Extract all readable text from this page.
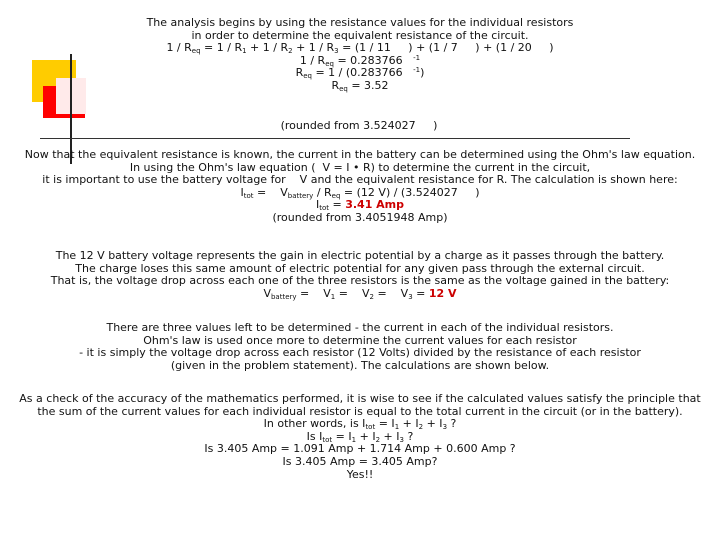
The analysis begins by using the resistance values for the individual resistors
in order to determine the equivalent resistance of the circuit.
$1 / R_{eq} = 1 / R_1 + 1 / R_2 + 1 / R_3 = (1 / 11$     ) + (1 / 7     ) + (1 / 20     )
$1 / R_{eq} = 0.283766$   $^{-1}$
$R_{eq} = 1 / (0.283766$   $^{-1}$)
$R_{eq} = 3.52$
(rounded from 3.524027     )
Now that the equivalent resistance is known, the current in the battery can be determined using the Ohm's law equation.
In using the Ohm's law equation (  V = I • R) to determine the current in the circuit,
it is important to use the battery voltage for    V and the equivalent resistance for R. The calculation is shown here:
$I_{tot}$ =    $V_{battery} / R_{eq} = (12$ V) / (3.524027     )
$I_{tot} = 3.41$ Amp
(rounded from 3.4051948 Amp)
The 12 V battery voltage represents the gain in electric potential by a charge as it passes through the battery.
The charge loses this same amount of electric potential for any given pass through the external circuit.
That is, the voltage drop across each one of the three resistors is the same as the voltage gained in the battery:
$V_{battery}$ =    $V_1$ =    $V_2$ =    $V_3 = 12$ V
There are three values left to be determined - the current in each of the individual resistors.
Ohm's law is used once more to determine the current values for each resistor
- it is simply the voltage drop across each resistor (12 Volts) divided by the resistance of each resistor
(given in the problem statement). The calculations are shown below.
As a check of the accuracy of the mathematics performed, it is wise to see if the calculated values satisfy the principle that
the sum of the current values for each individual resistor is equal to the total current in the circuit (or in the battery).
In other words, is $I_{tot} = I_1 + I_2 + I_3$ ?
Is $I_{tot} = I_1 + I_2 + I_3$ ?
Is 3.405 Amp = 1.091 Amp + 1.714 Amp + 0.600 Amp ?
Is 3.405 Amp = 3.405 Amp?
Yes!!
